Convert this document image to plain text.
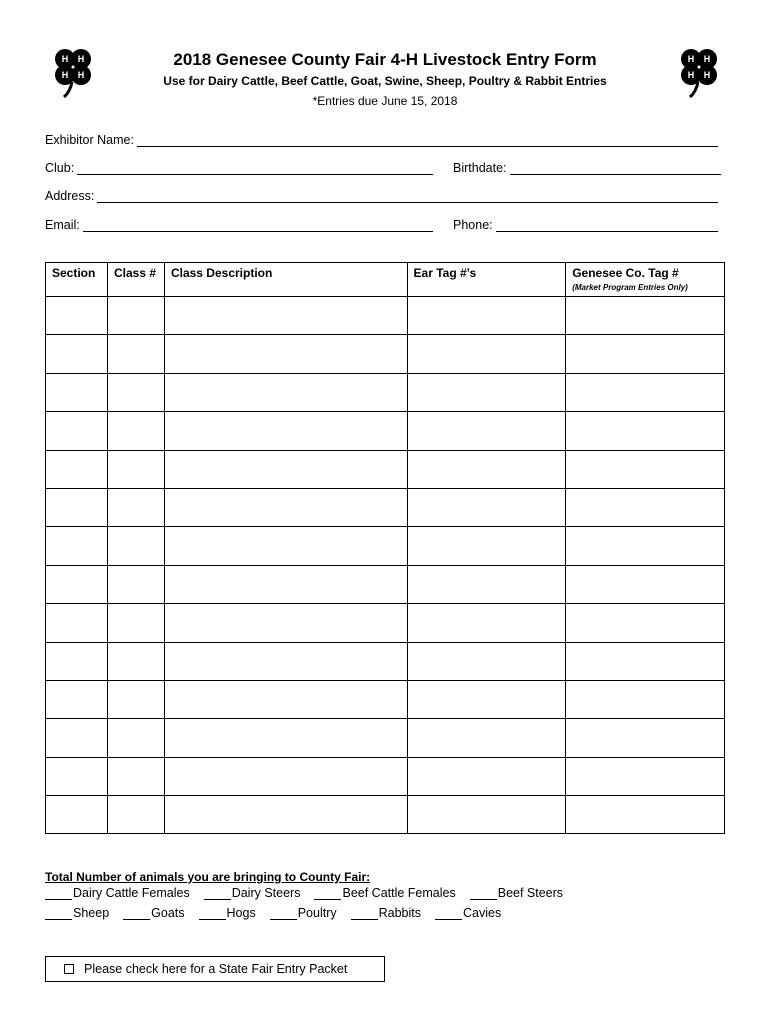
H H
H H
H H
H H
2018 Genesee County Fair 4-H Livestock Entry Form
Use for Dairy Cattle, Beef Cattle, Goat, Swine, Sheep, Poultry & Rabbit Entries
*Entries due June 15, 2018
Exhibitor Name:
Club:	Birthdate:
Address:
Email:	Phone:
Section	Class #	Class Description	Ear Tag #’s	Genesee Co. Tag #
(Market Program Entries Only)

Total Number of animals you are bringing to County Fair:
Dairy Cattle Females	Dairy Steers	Beef Cattle Females	Beef Steers
Sheep	Goats	Hogs	Poultry	Rabbits	Cavies
Please check here for a State Fair Entry Packet
